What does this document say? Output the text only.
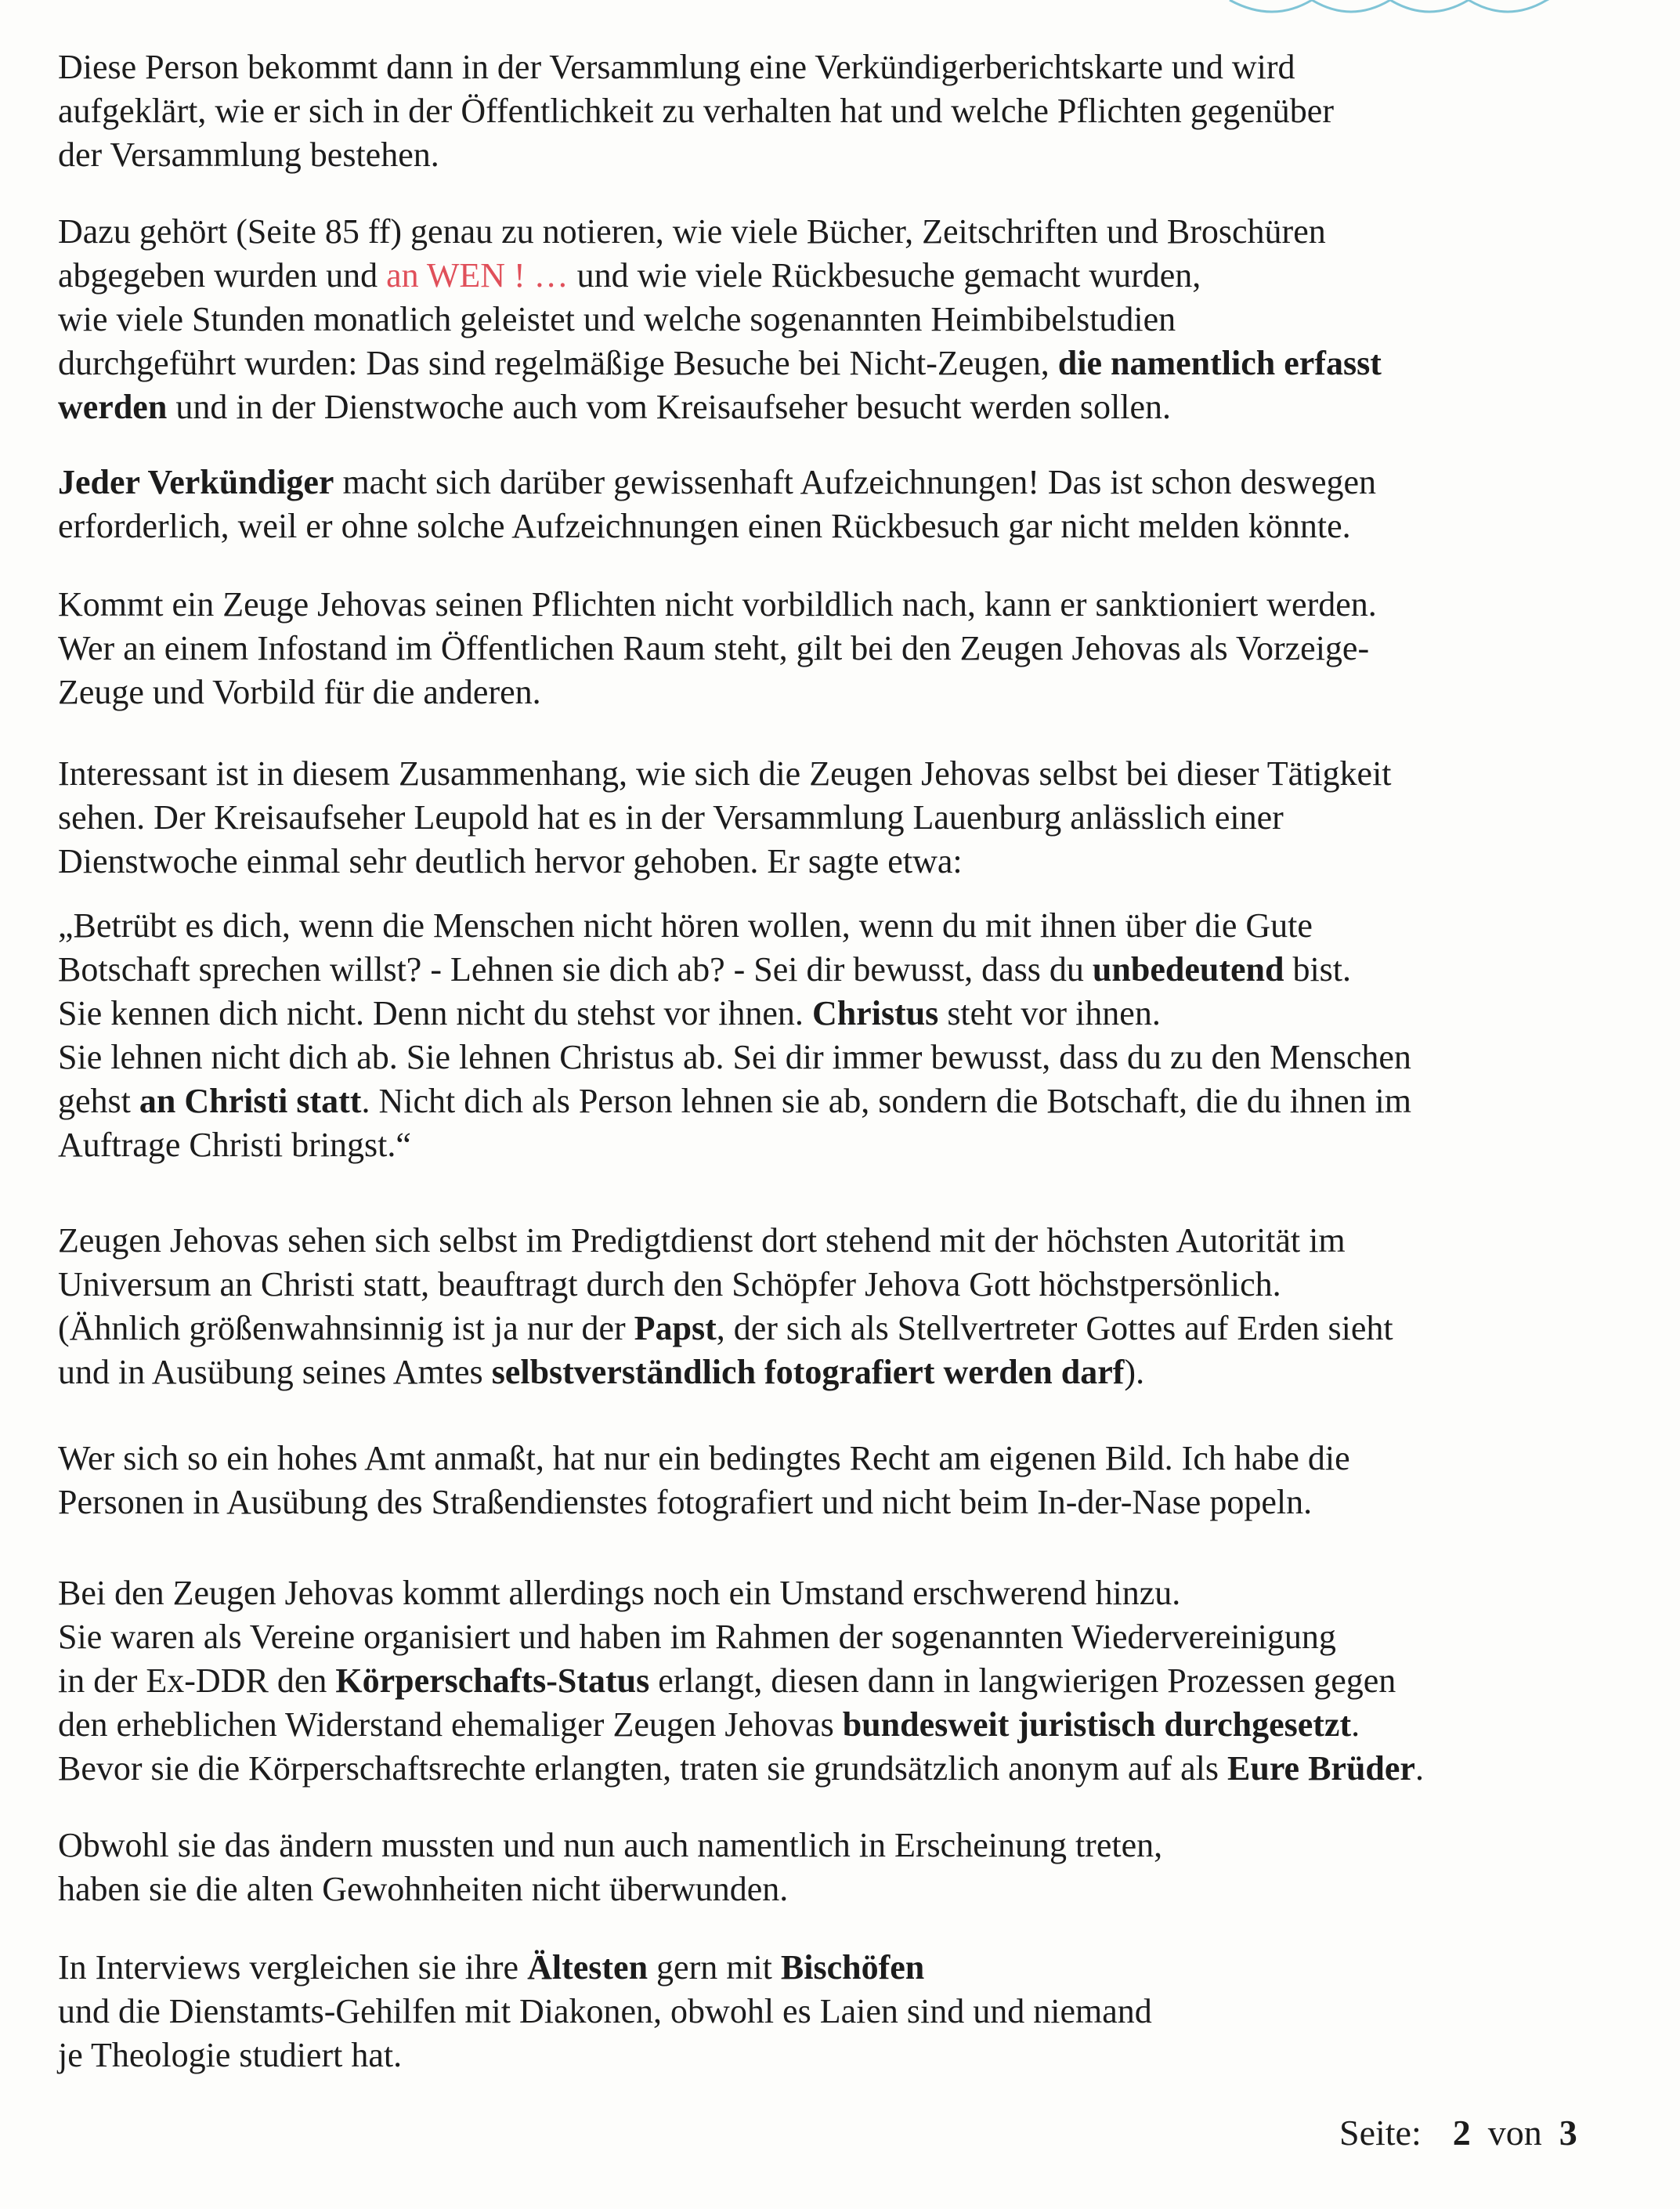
Diese Person bekommt dann in der Versammlung eine Verkündigerberichtskarte und wird
aufgeklärt, wie er sich in der Öffentlichkeit zu verhalten hat und welche Pflichten gegenüber
der Versammlung bestehen.
Dazu gehört (Seite 85 ff) genau zu notieren, wie viele Bücher, Zeitschriften und Broschüren
abgegeben wurden und an WEN ! … und wie viele Rückbesuche gemacht wurden,
wie viele Stunden monatlich geleistet und welche sogenannten Heimbibelstudien
durchgeführt wurden: Das sind regelmäßige Besuche bei Nicht-Zeugen, die namentlich erfasst
werden und in der Dienstwoche auch vom Kreisaufseher besucht werden sollen.
Jeder Verkündiger macht sich darüber gewissenhaft Aufzeichnungen! Das ist schon deswegen
erforderlich, weil er ohne solche Aufzeichnungen einen Rückbesuch gar nicht melden könnte.
Kommt ein Zeuge Jehovas seinen Pflichten nicht vorbildlich nach, kann er sanktioniert werden.
Wer an einem Infostand im Öffentlichen Raum steht, gilt bei den Zeugen Jehovas als Vorzeige-
Zeuge und Vorbild für die anderen.
Interessant ist in diesem Zusammenhang, wie sich die Zeugen Jehovas selbst bei dieser Tätigkeit
sehen. Der Kreisaufseher Leupold hat es in der Versammlung Lauenburg anlässlich einer
Dienstwoche einmal sehr deutlich hervor gehoben. Er sagte etwa:
„Betrübt es dich, wenn die Menschen nicht hören wollen, wenn du mit ihnen über die Gute
Botschaft sprechen willst? - Lehnen sie dich ab? - Sei dir bewusst, dass du unbedeutend bist.
Sie kennen dich nicht. Denn nicht du stehst vor ihnen. Christus steht vor ihnen.
Sie lehnen nicht dich ab. Sie lehnen Christus ab. Sei dir immer bewusst, dass du zu den Menschen
gehst an Christi statt. Nicht dich als Person lehnen sie ab, sondern die Botschaft, die du ihnen im
Auftrage Christi bringst.“
Zeugen Jehovas sehen sich selbst im Predigtdienst dort stehend mit der höchsten Autorität im
Universum an Christi statt, beauftragt durch den Schöpfer Jehova Gott höchstpersönlich.
(Ähnlich größenwahnsinnig ist ja nur der Papst, der sich als Stellvertreter Gottes auf Erden sieht
und in Ausübung seines Amtes selbstverständlich fotografiert werden darf).
Wer sich so ein hohes Amt anmaßt, hat nur ein bedingtes Recht am eigenen Bild. Ich habe die
Personen in Ausübung des Straßendienstes fotografiert und nicht beim In-der-Nase popeln.
Bei den Zeugen Jehovas kommt allerdings noch ein Umstand erschwerend hinzu.
Sie waren als Vereine organisiert und haben im Rahmen der sogenannten Wiedervereinigung
in der Ex-DDR den Körperschafts-Status erlangt, diesen dann in langwierigen Prozessen gegen
den erheblichen Widerstand ehemaliger Zeugen Jehovas bundesweit juristisch durchgesetzt.
Bevor sie die Körperschaftsrechte erlangten, traten sie grundsätzlich anonym auf als Eure Brüder.
Obwohl sie das ändern mussten und nun auch namentlich in Erscheinung treten,
haben sie die alten Gewohnheiten nicht überwunden.
In Interviews vergleichen sie ihre Ältesten gern mit Bischöfen
und die Dienstamts-Gehilfen mit Diakonen, obwohl es Laien sind und niemand
je Theologie studiert hat.
Seite: 2 von 3
